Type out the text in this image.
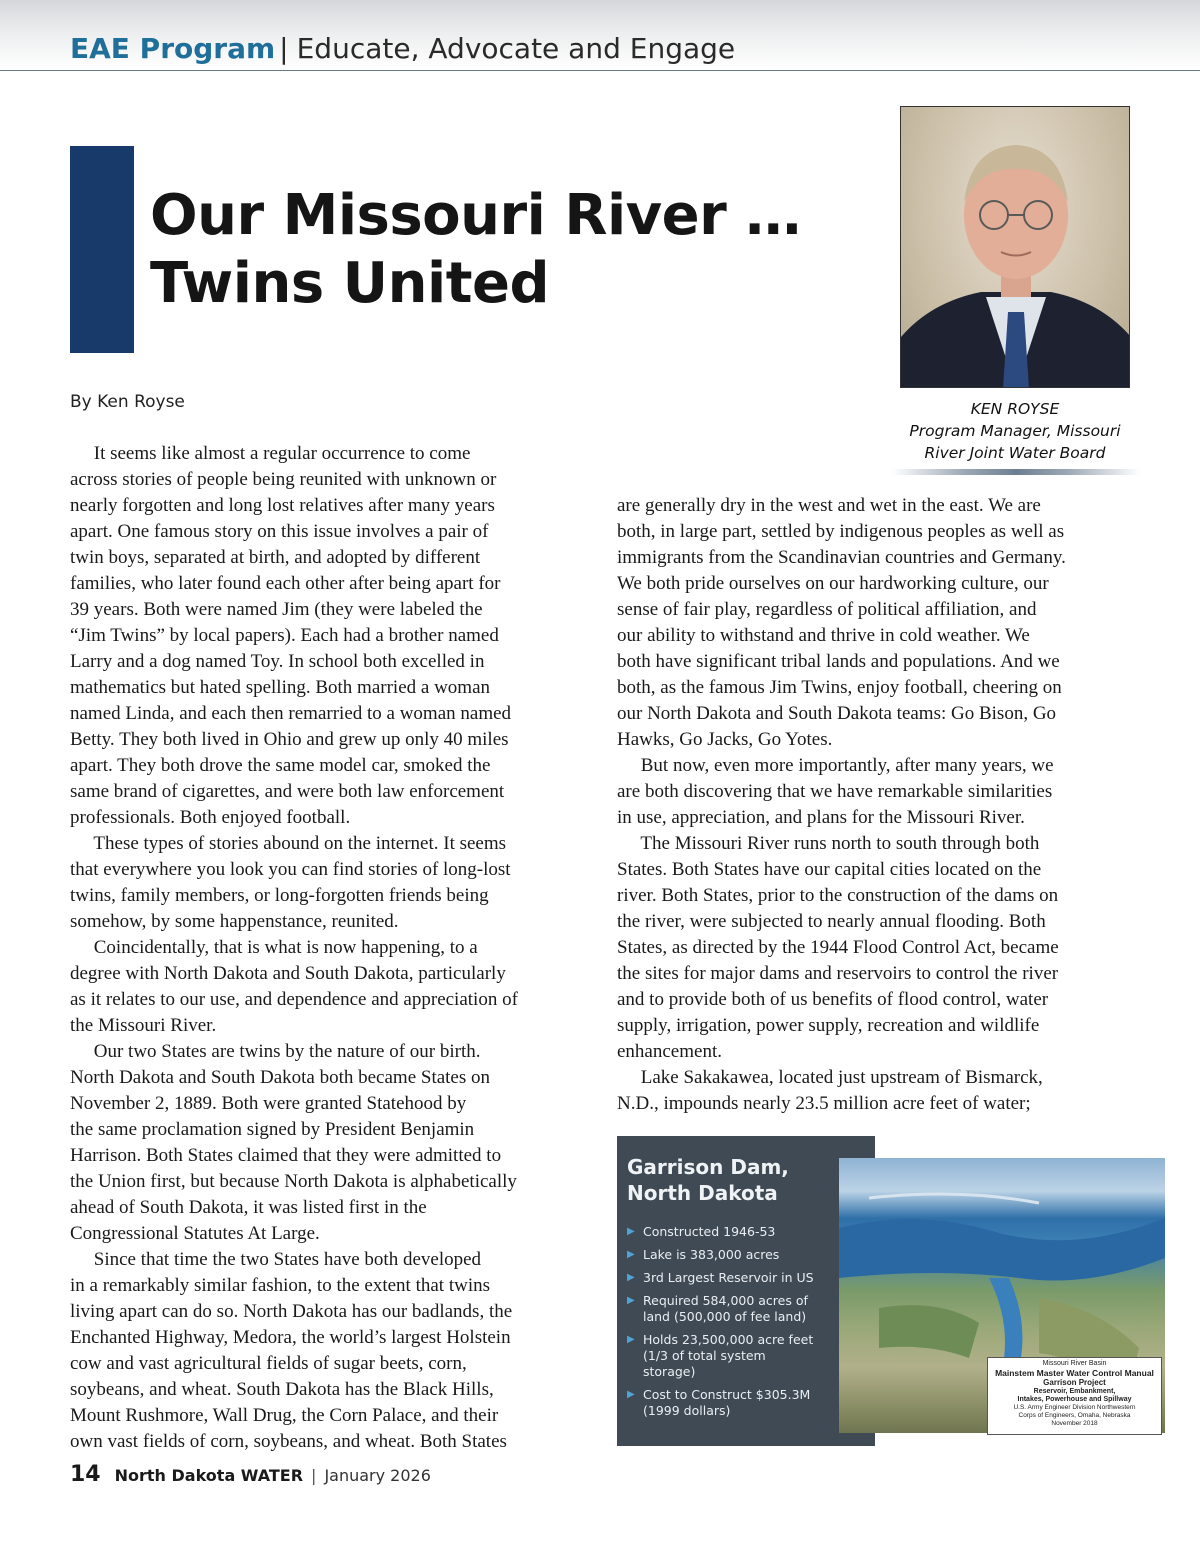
EAE Program | Educate, Advocate and Engage
Our Missouri River …
Twins United
By Ken Royse	KEN ROYSE
Program Manager, Missouri
River Joint Water Board
  It seems like almost a regular occurrence to come
across stories of people being reunited with unknown or
nearly forgotten and long lost relatives after many years
apart. One famous story on this issue involves a pair of
twin boys, separated at birth, and adopted by different
families, who later found each other after being apart for
39 years. Both were named Jim (they were labeled the
“Jim Twins” by local papers). Each had a brother named
Larry and a dog named Toy. In school both excelled in
mathematics but hated spelling. Both married a woman
named Linda, and each then remarried to a woman named
Betty. They both lived in Ohio and grew up only 40 miles
apart. They both drove the same model car, smoked the
same brand of cigarettes, and were both law enforcement
professionals. Both enjoyed football.
  These types of stories abound on the internet. It seems
that everywhere you look you can find stories of long-lost
twins, family members, or long-forgotten friends being
somehow, by some happenstance, reunited.
  Coincidentally, that is what is now happening, to a
degree with North Dakota and South Dakota, particularly
as it relates to our use, and dependence and appreciation of
the Missouri River.
  Our two States are twins by the nature of our birth.
North Dakota and South Dakota both became States on
November 2, 1889. Both were granted Statehood by
the same proclamation signed by President Benjamin
Harrison. Both States claimed that they were admitted to
the Union first, but because North Dakota is alphabetically
ahead of South Dakota, it was listed first in the
Congressional Statutes At Large.
  Since that time the two States have both developed
in a remarkably similar fashion, to the extent that twins
living apart can do so. North Dakota has our badlands, the
Enchanted Highway, Medora, the world’s largest Holstein
cow and vast agricultural fields of sugar beets, corn,
soybeans, and wheat. South Dakota has the Black Hills,
Mount Rushmore, Wall Drug, the Corn Palace, and their
own vast fields of corn, soybeans, and wheat. Both States
are generally dry in the west and wet in the east. We are
both, in large part, settled by indigenous peoples as well as
immigrants from the Scandinavian countries and Germany.
We both pride ourselves on our hardworking culture, our
sense of fair play, regardless of political affiliation, and
our ability to withstand and thrive in cold weather. We
both have significant tribal lands and populations. And we
both, as the famous Jim Twins, enjoy football, cheering on
our North Dakota and South Dakota teams: Go Bison, Go
Hawks, Go Jacks, Go Yotes.
  But now, even more importantly, after many years, we
are both discovering that we have remarkable similarities
in use, appreciation, and plans for the Missouri River.
  The Missouri River runs north to south through both
States. Both States have our capital cities located on the
river. Both States, prior to the construction of the dams on
the river, were subjected to nearly annual flooding. Both
States, as directed by the 1944 Flood Control Act, became
the sites for major dams and reservoirs to control the river
and to provide both of us benefits of flood control, water
supply, irrigation, power supply, recreation and wildlife
enhancement.
  Lake Sakakawea, located just upstream of Bismarck,
N.D., impounds nearly 23.5 million acre feet of water;
Garrison Dam,
North Dakota
▶ Constructed 1946-53
▶ Lake is 383,000 acres
▶ 3rd Largest Reservoir in US
▶ Required 584,000 acres of
land (500,000 of fee land)
▶ Holds 23,500,000 acre feet
(1/3 of total system
storage)
▶ Cost to Construct $305.3M
(1999 dollars)
Missouri River Basin
Mainstem Master Water Control Manual
Garrison Project
Reservoir, Embankment,
Intakes, Powerhouse and Spillway
U.S. Army Engineer Division Northwestern
Corps of Engineers, Omaha, Nebraska
November 2018
14 North Dakota WATER | January 2026
